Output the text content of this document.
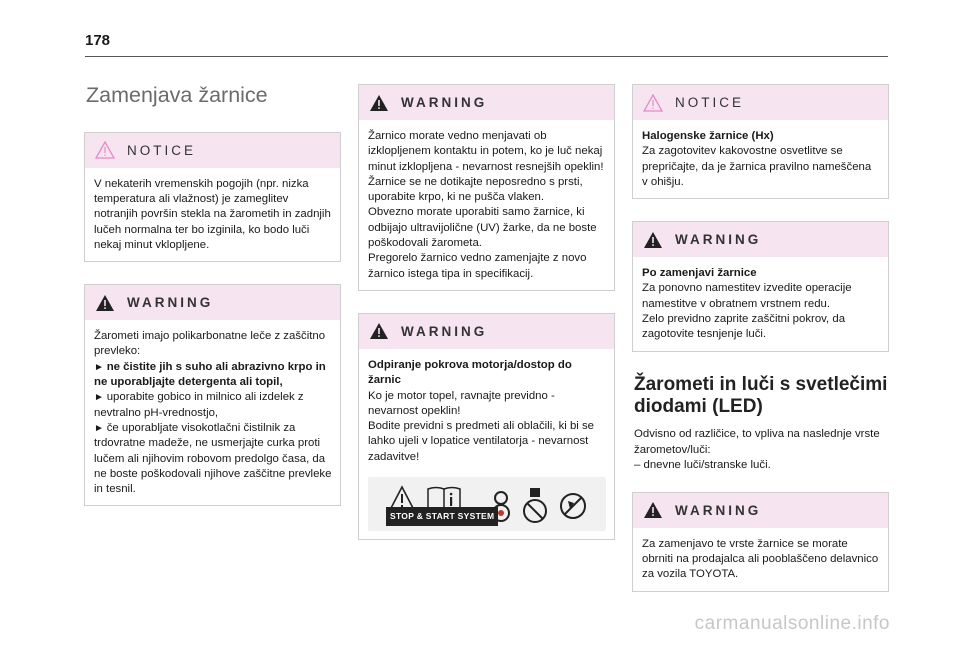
178
Zamenjava žarnice
NOTICE

V nekaterih vremenskih pogojih (npr. nizka temperatura ali vlažnost) je zameglitev notranjih površin stekla na žarometih in zadnjih lučeh normalna ter bo izginila, ko bodo luči nekaj minut vklopljene.

WARNING

Žarometi imajo polikarbonatne leče z zaščitno prevleko:

► ne čistite jih s suho ali abrazivno krpo in ne uporabljajte detergenta ali topil,

► uporabite gobico in milnico ali izdelek z nevtralno pH-vrednostjo,

► če uporabljate visokotlačni čistilnik za trdovratne madeže, ne usmerjajte curka proti lučem ali njihovim robovom predolgo časa, da ne boste poškodovali njihove zaščitne prevleke in tesnil.

WARNING

Žarnico morate vedno menjavati ob izklopljenem kontaktu in potem, ko je luč nekaj minut izklopljena - nevarnost resnejših opeklin!

Žarnice se ne dotikajte neposredno s prsti, uporabite krpo, ki ne pušča vlaken.

Obvezno morate uporabiti samo žarnice, ki odbijajo ultravijolične (UV) žarke, da ne boste poškodovali žarometa.

Pregorelo žarnico vedno zamenjajte z novo žarnico istega tipa in specifikacij.

WARNING

Odpiranje pokrova motorja/dostop do žarnic

Ko je motor topel, ravnajte previdno - nevarnost opeklin!

Bodite previdni s predmeti ali oblačili, ki bi se lahko ujeli v lopatice ventilatorja - nevarnost zadavitve!

STOP & START SYSTEM
NOTICE

Halogenske žarnice (Hx)

Za zagotovitev kakovostne osvetlitve se prepričajte, da je žarnica pravilno nameščena v ohišju.

WARNING

Po zamenjavi žarnice

Za ponovno namestitev izvedite operacije namestitve v obratnem vrstnem redu.

Zelo previdno zaprite zaščitni pokrov, da zagotovite tesnjenje luči.

Žarometi in luči s svetlečimi diodami (LED)

Odvisno od različice, to vpliva na naslednje vrste žarometov/luči:
– dnevne luči/stranske luči.

WARNING

Za zamenjavo te vrste žarnice se morate obrniti na prodajalca ali pooblaščeno delavnico za vozila TOYOTA.

carmanualsonline.info
